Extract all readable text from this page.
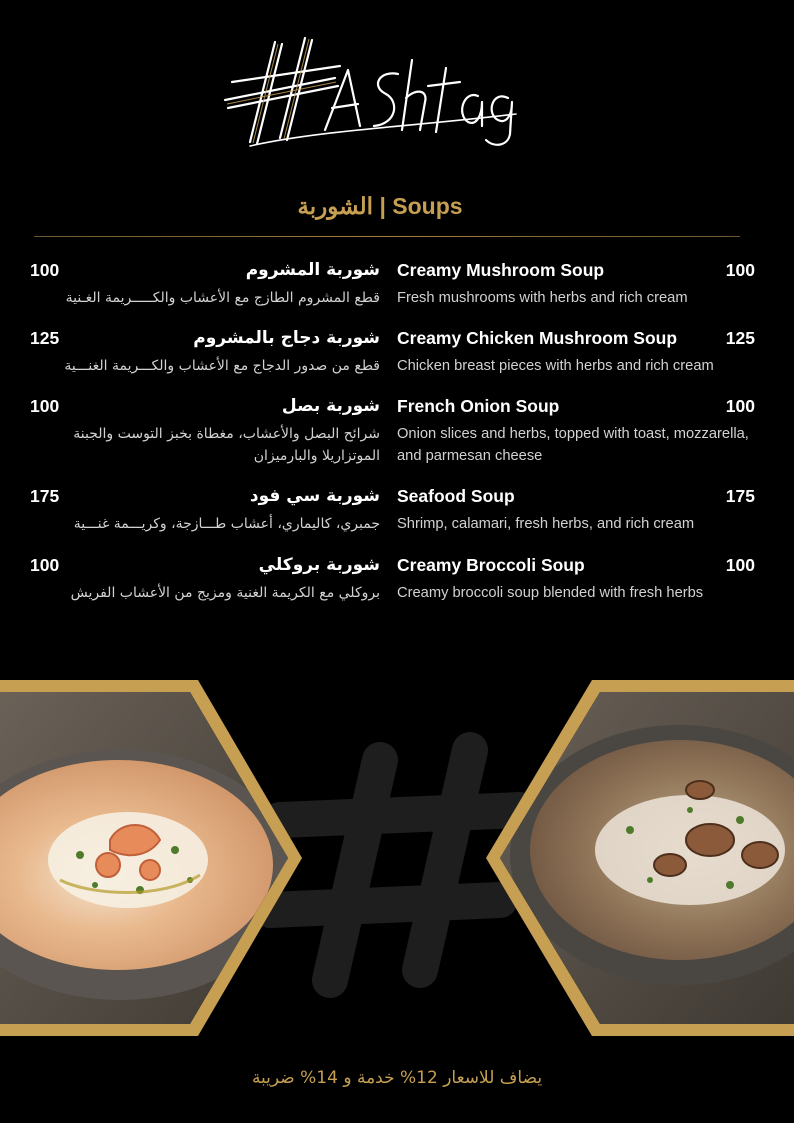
الشوربة | Soups
شوربة المشروم
100
قطع المشروم الطازج مع الأعشاب والكـــــريمة الغـنية
شوربة دجاج بالمشروم
125
قطع من صدور الدجاج مع الأعشاب والكـــريمة الغنـــية
شوربة بصل
100
شرائح البصل والأعشاب، مغطاة بخبز التوست والجبنة الموتزاريلا والبارميزان
شوربة سي فود
175
جمبري، كاليماري، أعشاب طـــازجة، وكريـــمة غنـــية
شوربة بروكلي
100
بروكلي مع الكريمة الغنية ومزيج من الأعشاب الفريش
Creamy Mushroom Soup	100
Fresh mushrooms with herbs and rich cream
Creamy Chicken Mushroom Soup	125
Chicken breast pieces with herbs and rich cream
French Onion Soup	100
Onion slices and herbs, topped with toast, mozzarella, and parmesan cheese
Seafood Soup	175
Shrimp, calamari, fresh herbs, and rich cream
Creamy Broccoli Soup	100
Creamy broccoli soup blended with fresh herbs
يضاف للاسعار 12% خدمة و 14% ضريبة
